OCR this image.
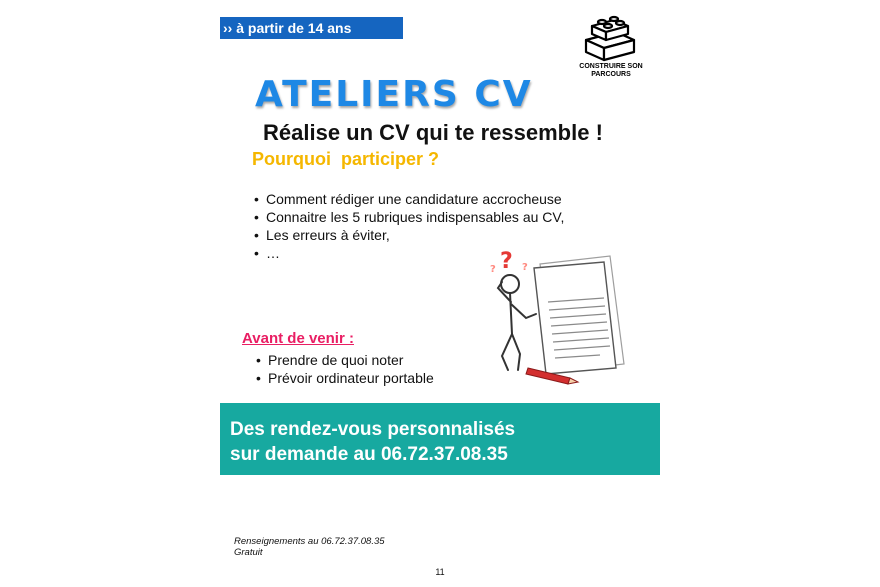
›› à partir de 14 ans
CONSTRUIRE SON
PARCOURS
ATELIERS CV
Réalise un CV qui te ressemble !
Pourquoi  participer ?
• Comment rédiger une candidature accrocheuse
• Connaitre les 5 rubriques indispensables au CV,
• Les erreurs à éviter,
• …	?
?	?
Avant de venir :
• Prendre de quoi noter
• Prévoir ordinateur portable
Des rendez-vous personnalisés
sur demande au 06.72.37.08.35
Renseignements au 06.72.37.08.35
Gratuit
11
